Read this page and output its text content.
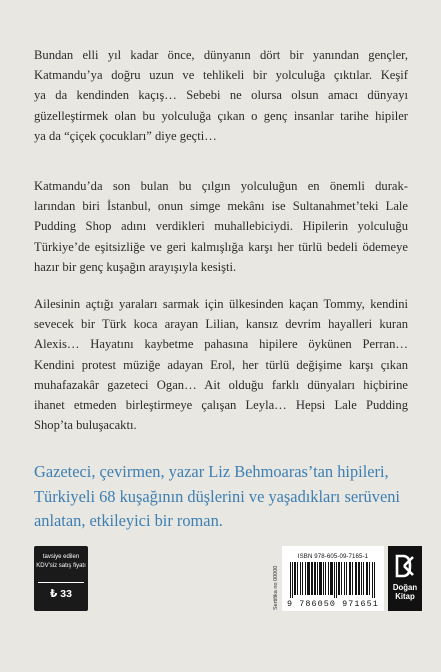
Bundan elli yıl kadar önce, dünyanın dört bir yanından gençler,
Katmandu’ya doğru uzun ve tehlikeli bir yolculuğa çıktılar. Keşif
ya da kendinden kaçış… Sebebi ne olursa olsun amacı dünyayı
güzelleştirmek olan bu yolculuğa çıkan o genç insanlar tarihe hipiler
ya da “çiçek çocukları” diye geçti…
Katmandu’da son bulan bu çılgın yolculuğun en önemli durak-
larından biri İstanbul, onun simge mekânı ise Sultanahmet’teki Lale
Pudding Shop adını verdikleri muhallebiciydi. Hipilerin yolculuğu
Türkiye’de eşitsizliğe ve geri kalmışlığa karşı her türlü bedeli ödemeye
hazır bir genç kuşağın arayışıyla kesişti.
Ailesinin açtığı yaraları sarmak için ülkesinden kaçan Tommy, kendini
sevecek bir Türk koca arayan Lilian, kansız devrim hayalleri kuran
Alexis… Hayatını kaybetme pahasına hipilere öykünen Perran…
Kendini protest müziğe adayan Erol, her türlü değişime karşı çıkan
muhafazakâr gazeteci Ogan… Ait olduğu farklı dünyaları hiçbirine
ihanet etmeden birleştirmeye çalışan Leyla… Hepsi Lale Pudding
Shop’ta buluşacaktı.
Gazeteci, çevirmen, yazar Liz Behmoaras’tan hipileri,
Türkiyeli 68 kuşağının düşlerini ve yaşadıkları serüveni
anlatan, etkileyici bir roman.
tavsiye edilen KDV'siz satış fiyatı
₺ 33	Sertifika no 00000
ISBN 978-605-09-7165-1
9 786050 971651
Doğan
Kitap
